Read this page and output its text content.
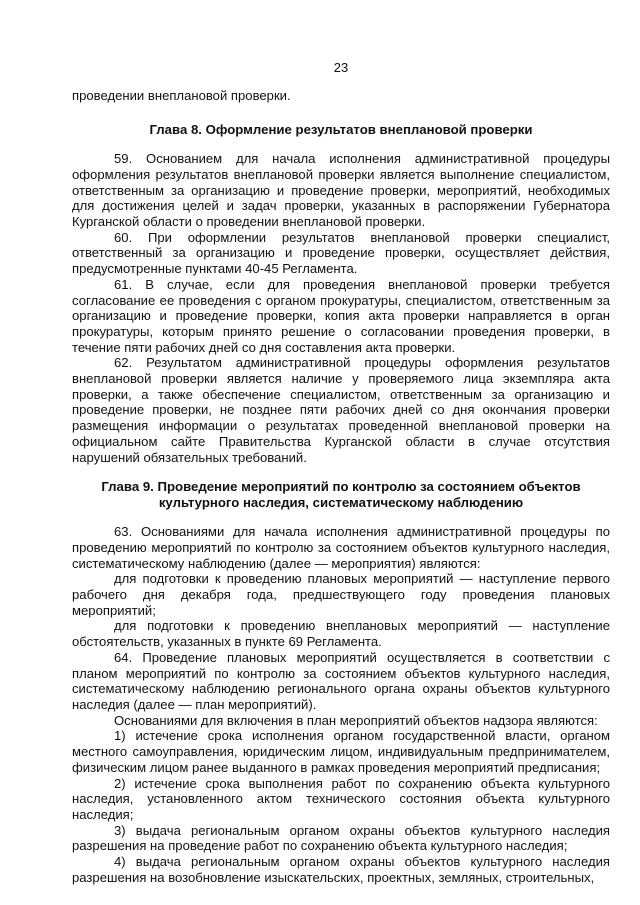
23

проведении внеплановой проверки.

Глава 8. Оформление результатов внеплановой проверки

59. Основанием для начала исполнения административной процедуры оформления результатов внеплановой проверки является выполнение специалистом, ответственным за организацию и проведение проверки, мероприятий, необходимых для достижения целей и задач проверки, указанных в распоряжении Губернатора Курганской области о проведении внеплановой проверки.

60. При оформлении результатов внеплановой проверки специалист, ответственный за организацию и проведение проверки, осуществляет действия, предусмотренные пунктами 40-45 Регламента.

61. В случае, если для проведения внеплановой проверки требуется согласование ее проведения с органом прокуратуры, специалистом, ответственным за организацию и проведение проверки, копия акта проверки направляется в орган прокуратуры, которым принято решение о согласовании проведения проверки, в течение пяти рабочих дней со дня составления акта проверки.

62. Результатом административной процедуры оформления результатов внеплановой проверки является наличие у проверяемого лица экземпляра акта проверки, а также обеспечение специалистом, ответственным за организацию и проведение проверки, не позднее пяти рабочих дней со дня окончания проверки размещения информации о результатах проведенной внеплановой проверки на официальном сайте Правительства Курганской области в случае отсутствия нарушений обязательных требований.

Глава 9. Проведение мероприятий по контролю за состоянием объектов культурного наследия, систематическому наблюдению

63. Основаниями для начала исполнения административной процедуры по проведению мероприятий по контролю за состоянием объектов культурного наследия, систематическому наблюдению (далее — мероприятия) являются:

для подготовки к проведению плановых мероприятий — наступление первого рабочего дня декабря года, предшествующего году проведения плановых мероприятий;

для подготовки к проведению внеплановых мероприятий — наступление обстоятельств, указанных в пункте 69 Регламента.

64. Проведение плановых мероприятий осуществляется в соответствии с планом мероприятий по контролю за состоянием объектов культурного наследия, систематическому наблюдению регионального органа охраны объектов культурного наследия (далее — план мероприятий).

Основаниями для включения в план мероприятий объектов надзора являются:

1) истечение срока исполнения органом государственной власти, органом местного самоуправления, юридическим лицом, индивидуальным предпринимателем, физическим лицом ранее выданного в рамках проведения мероприятий предписания;

2) истечение срока выполнения работ по сохранению объекта культурного наследия, установленного актом технического состояния объекта культурного наследия;

3) выдача региональным органом охраны объектов культурного наследия разрешения на проведение работ по сохранению объекта культурного наследия;

4) выдача региональным органом охраны объектов культурного наследия разрешения на возобновление изыскательских, проектных, земляных, строительных,
